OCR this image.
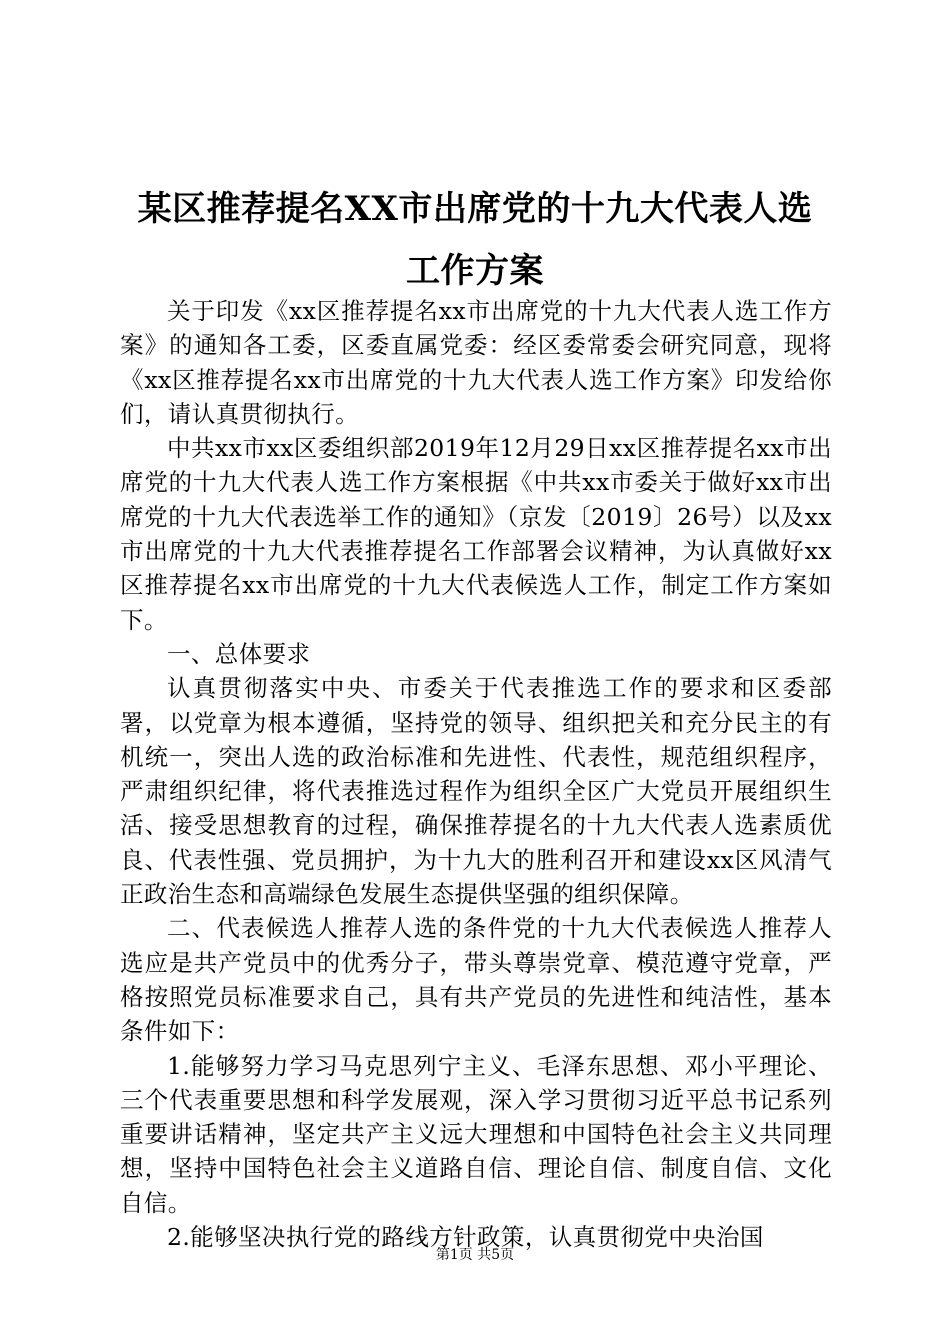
某区推荐提名XX市出席党的十九大代表人选
工作方案

关于印发《xx区推荐提名xx市出席党的十九大代表人选工作方案》的通知各工委，区委直属党委：经区委常委会研究同意，现将《xx区推荐提名xx市出席党的十九大代表人选工作方案》印发给你们，请认真贯彻执行。

中共xx市xx区委组织部2019年12月29日xx区推荐提名xx市出席党的十九大代表人选工作方案根据《中共xx市委关于做好xx市出席党的十九大代表选举工作的通知》（京发〔2019〕26号）以及xx市出席党的十九大代表推荐提名工作部署会议精神，为认真做好xx区推荐提名xx市出席党的十九大代表候选人工作，制定工作方案如下。

一、总体要求

认真贯彻落实中央、市委关于代表推选工作的要求和区委部署，以党章为根本遵循，坚持党的领导、组织把关和充分民主的有机统一，突出人选的政治标准和先进性、代表性，规范组织程序，严肃组织纪律，将代表推选过程作为组织全区广大党员开展组织生活、接受思想教育的过程，确保推荐提名的十九大代表人选素质优良、代表性强、党员拥护，为十九大的胜利召开和建设xx区风清气正政治生态和高端绿色发展生态提供坚强的组织保障。

二、代表候选人推荐人选的条件党的十九大代表候选人推荐人选应是共产党员中的优秀分子，带头尊崇党章、模范遵守党章，严格按照党员标准要求自己，具有共产党员的先进性和纯洁性，基本条件如下：

1.能够努力学习马克思列宁主义、毛泽东思想、邓小平理论、三个代表重要思想和科学发展观，深入学习贯彻习近平总书记系列重要讲话精神，坚定共产主义远大理想和中国特色社会主义共同理想，坚持中国特色社会主义道路自信、理论自信、制度自信、文化自信。

2.能够坚决执行党的路线方针政策，认真贯彻党中央治国

第1页 共5页
